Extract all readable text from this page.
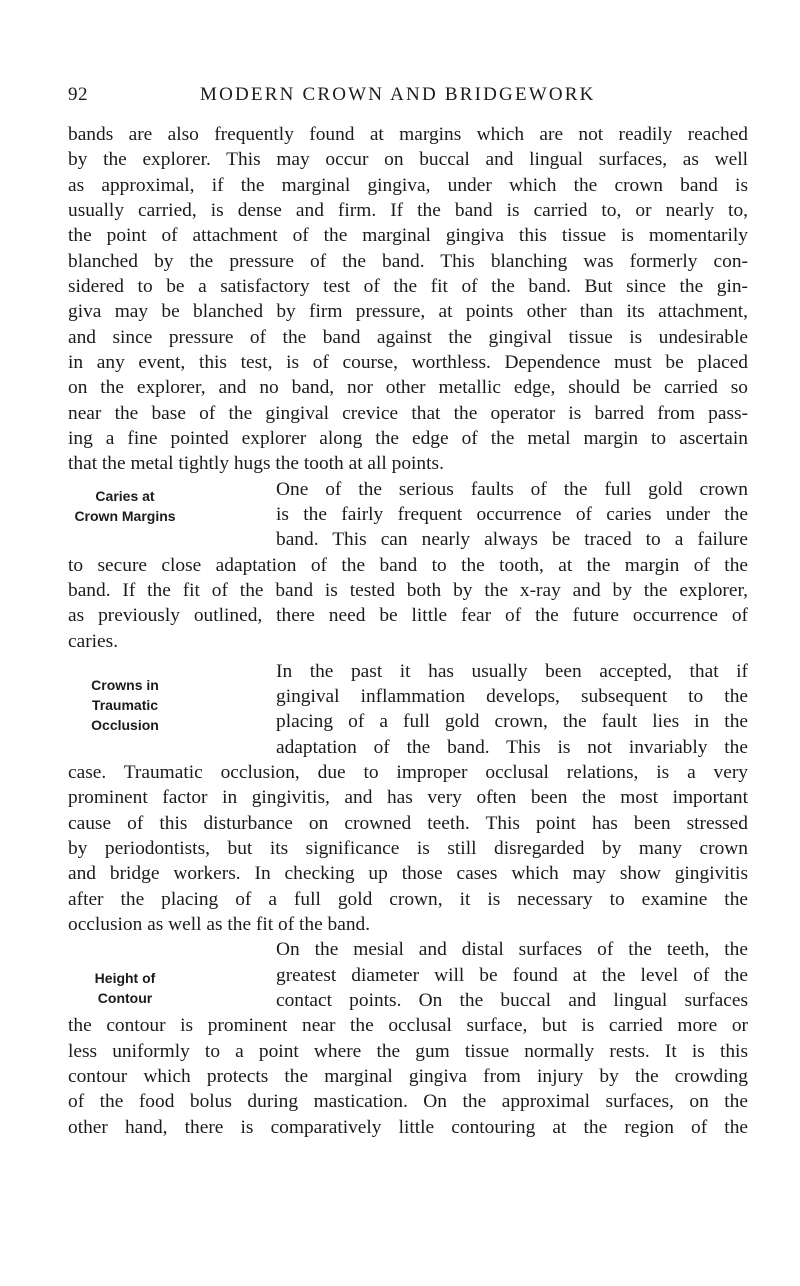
92	MODERN CROWN AND BRIDGEWORK
bands are also frequently found at margins which are not readily reached
by the explorer. This may occur on buccal and lingual surfaces, as well
as approximal, if the marginal gingiva, under which the crown band is
usually carried, is dense and firm. If the band is carried to, or nearly to,
the point of attachment of the marginal gingiva this tissue is momentarily
blanched by the pressure of the band. This blanching was formerly con-
sidered to be a satisfactory test of the fit of the band. But since the gin-
giva may be blanched by firm pressure, at points other than its attachment,
and since pressure of the band against the gingival tissue is undesirable
in any event, this test, is of course, worthless. Dependence must be placed
on the explorer, and no band, nor other metallic edge, should be carried so
near the base of the gingival crevice that the operator is barred from pass-
ing a fine pointed explorer along the edge of the metal margin to ascertain
that the metal tightly hugs the tooth at all points.
Caries at
Crown Margins
One of the serious faults of the full gold crown
is the fairly frequent occurrence of caries under the
band. This can nearly always be traced to a failure
to secure close adaptation of the band to the tooth, at the margin of the
band. If the fit of the band is tested both by the x-ray and by the explorer,
as previously outlined, there need be little fear of the future occurrence of
caries.
Crowns in
Traumatic
Occlusion
In the past it has usually been accepted, that if
gingival inflammation develops, subsequent to the
placing of a full gold crown, the fault lies in the
adaptation of the band. This is not invariably the
case. Traumatic occlusion, due to improper occlusal relations, is a very
prominent factor in gingivitis, and has very often been the most important
cause of this disturbance on crowned teeth. This point has been stressed
by periodontists, but its significance is still disregarded by many crown
and bridge workers. In checking up those cases which may show gingivitis
after the placing of a full gold crown, it is necessary to examine the
occlusion as well as the fit of the band.
Height of
Contour
On the mesial and distal surfaces of the teeth, the
greatest diameter will be found at the level of the
contact points. On the buccal and lingual surfaces
the contour is prominent near the occlusal surface, but is carried more or
less uniformly to a point where the gum tissue normally rests. It is this
contour which protects the marginal gingiva from injury by the crowding
of the food bolus during mastication. On the approximal surfaces, on the
other hand, there is comparatively little contouring at the region of the
